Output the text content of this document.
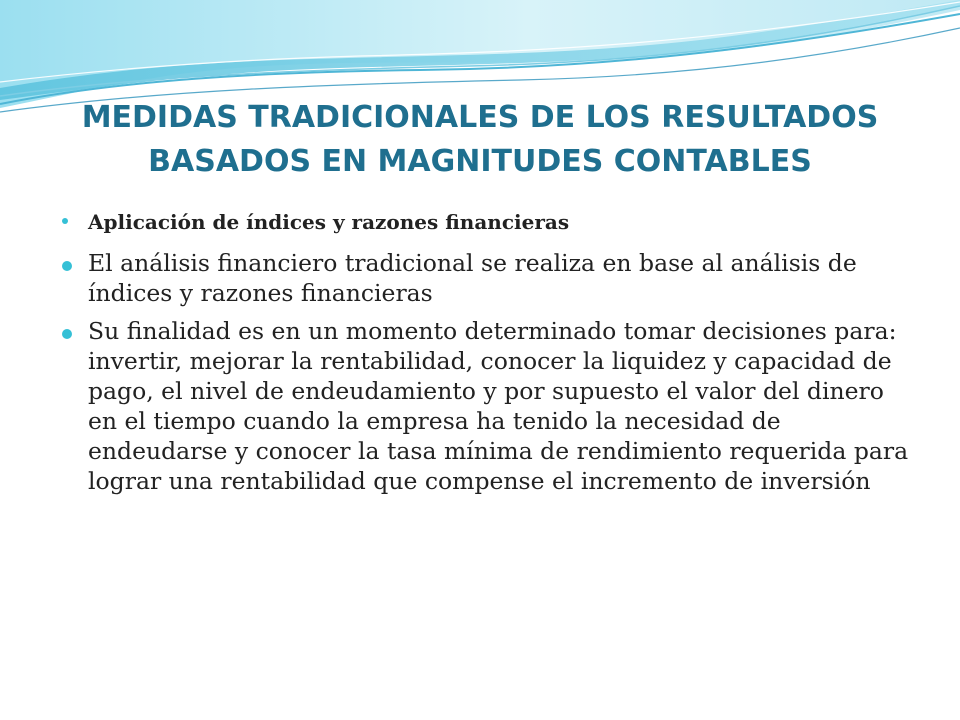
MEDIDAS TRADICIONALES DE LOS RESULTADOS BASADOS EN MAGNITUDES CONTABLES
Aplicación de índices y razones financieras
El análisis financiero tradicional se realiza en base al análisis de índices y razones financieras
Su finalidad es en un momento determinado tomar decisiones para: invertir, mejorar la rentabilidad, conocer la liquidez y capacidad de pago, el nivel de endeudamiento y por supuesto el valor del dinero en el tiempo cuando la empresa ha tenido la necesidad de endeudarse y conocer la tasa mínima de rendimiento requerida para lograr una rentabilidad que compense el incremento de inversión
